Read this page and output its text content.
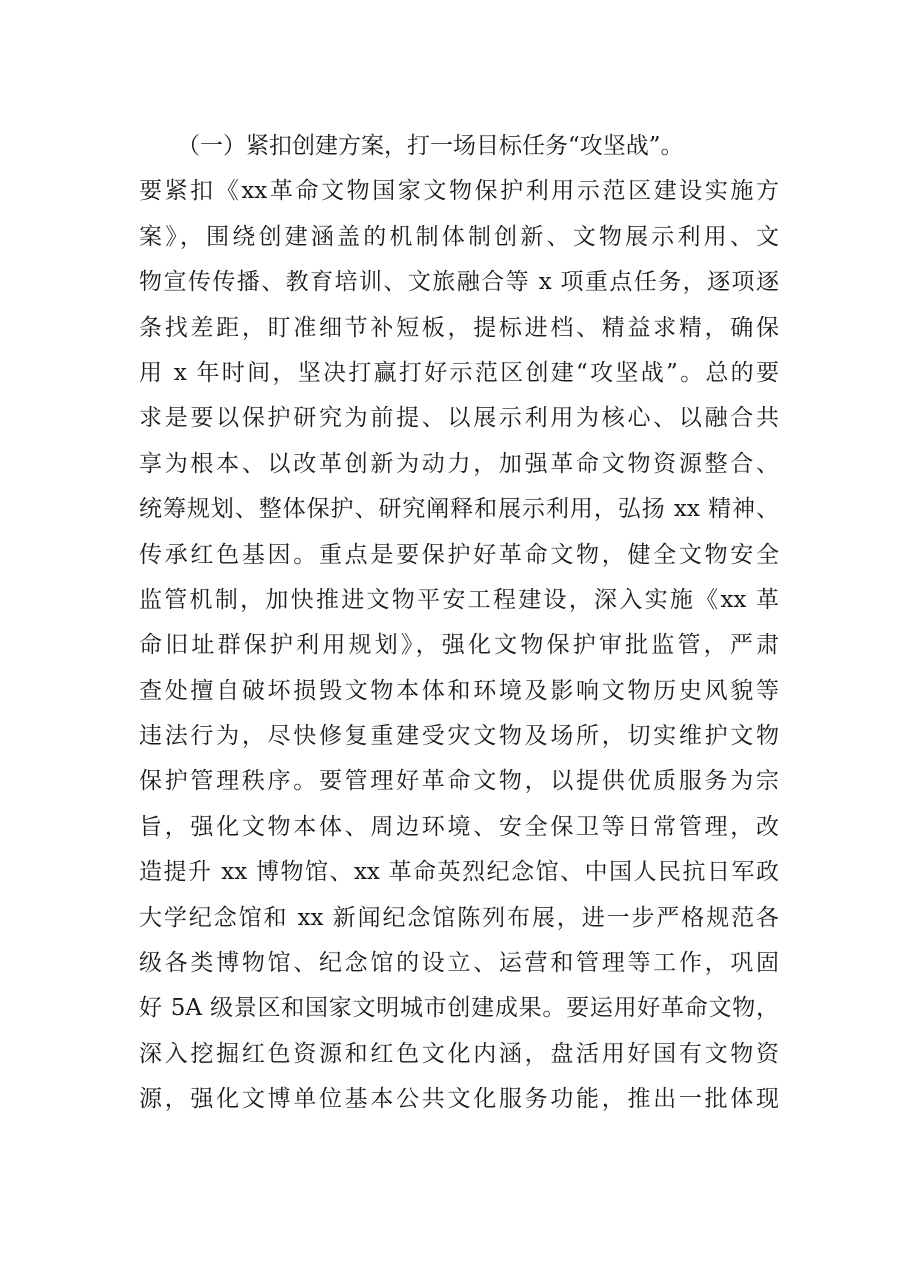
（一）紧扣创建方案，打一场目标任务“攻坚战”。
要紧扣《xx革命文物国家文物保护利用示范区建设实施方
案》，围绕创建涵盖的机制体制创新、文物展示利用、文
物宣传传播、教育培训、文旅融合等 x 项重点任务，逐项逐
条找差距，盯准细节补短板，提标进档、精益求精，确保
用 x 年时间，坚决打赢打好示范区创建“攻坚战”。总的要
求是要以保护研究为前提、以展示利用为核心、以融合共
享为根本、以改革创新为动力，加强革命文物资源整合、
统筹规划、整体保护、研究阐释和展示利用，弘扬 xx 精神、
传承红色基因。重点是要保护好革命文物，健全文物安全
监管机制，加快推进文物平安工程建设，深入实施《xx 革
命旧址群保护利用规划》，强化文物保护审批监管，严肃
查处擅自破坏损毁文物本体和环境及影响文物历史风貌等
违法行为，尽快修复重建受灾文物及场所，切实维护文物
保护管理秩序。要管理好革命文物，以提供优质服务为宗
旨，强化文物本体、周边环境、安全保卫等日常管理，改
造提升 xx 博物馆、xx 革命英烈纪念馆、中国人民抗日军政
大学纪念馆和 xx 新闻纪念馆陈列布展，进一步严格规范各
级各类博物馆、纪念馆的设立、运营和管理等工作，巩固
好 5A 级景区和国家文明城市创建成果。要运用好革命文物，
深入挖掘红色资源和红色文化内涵，盘活用好国有文物资
源，强化文博单位基本公共文化服务功能，推出一批体现
